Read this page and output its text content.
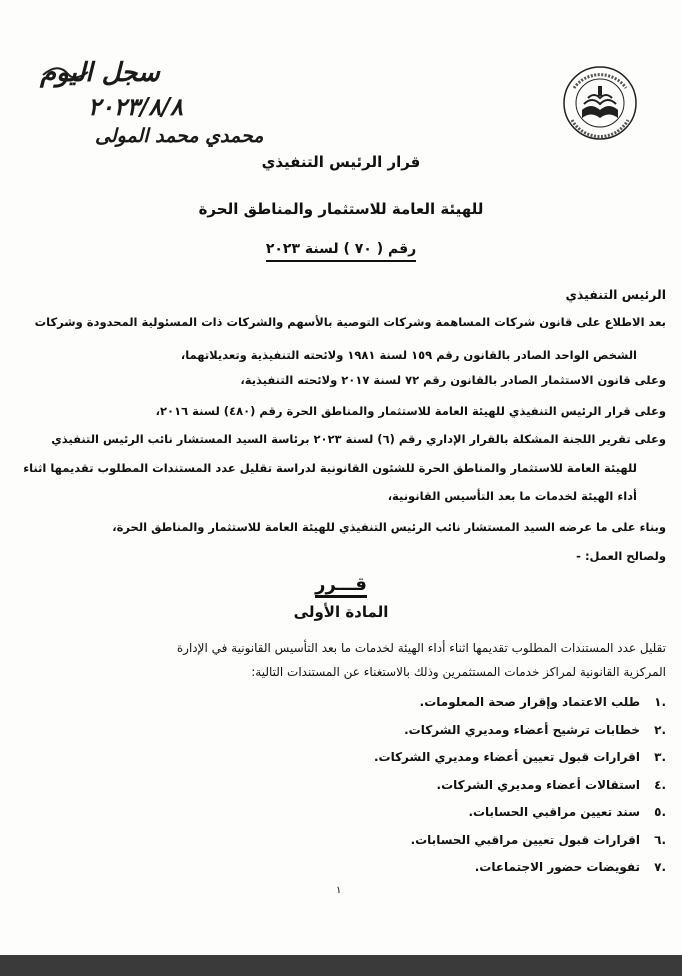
سجل اليوم
٢٠٢٣/٨/٨
محمدي محمد المولى
قرار الرئيس التنفيذي
للهيئة العامة للاستثمار والمناطق الحرة
رقم ( ٧٠ ) لسنة ٢٠٢٣
الرئيس التنفيذي
بعد الاطلاع على قانون شركات المساهمة وشركات التوصية بالأسهم والشركات ذات المسئولية المحدودة وشركات
الشخص الواحد الصادر بالقانون رقم ١٥٩ لسنة ١٩٨١ ولائحته التنفيذية وتعديلاتهما،
وعلى قانون الاستثمار الصادر بالقانون رقم ٧٢ لسنة ٢٠١٧ ولائحته التنفيذية،
وعلى قرار الرئيس التنفيذي للهيئة العامة للاستثمار والمناطق الحرة رقم (٤٨٠) لسنة ٢٠١٦،
وعلى تقرير اللجنة المشكلة بالقرار الإداري رقم (٦) لسنة ٢٠٢٣ برئاسة السيد المستشار نائب الرئيس التنفيذي
للهيئة العامة للاستثمار والمناطق الحرة للشئون القانونية لدراسة تقليل عدد المستندات المطلوب تقديمها اثناء
أداء الهيئة لخدمات ما بعد التأسيس القانونية،
وبناء على ما عرضه السيد المستشار نائب الرئيس التنفيذي للهيئة العامة للاستثمار والمناطق الحرة،
ولصالح العمل: -
قـــرر
المادة الأولى
تقليل عدد المستندات المطلوب تقديمها اثناء أداء الهيئة لخدمات ما بعد التأسيس القانونية في الإدارة
المركزية القانونية لمراكز خدمات المستثمرين وذلك بالاستغناء عن المستندات التالية:
١.
طلب الاعتماد وإقرار صحة المعلومات.
٢.
خطابات ترشيح أعضاء ومديري الشركات.
٣.
اقرارات قبول تعيين أعضاء ومديري الشركات.
٤.
استقالات أعضاء ومديري الشركات.
٥.
سند تعيين مراقبي الحسابات.
٦.
اقرارات قبول تعيين مراقبي الحسابات.
٧.
تفويضات حضور الاجتماعات.
١
